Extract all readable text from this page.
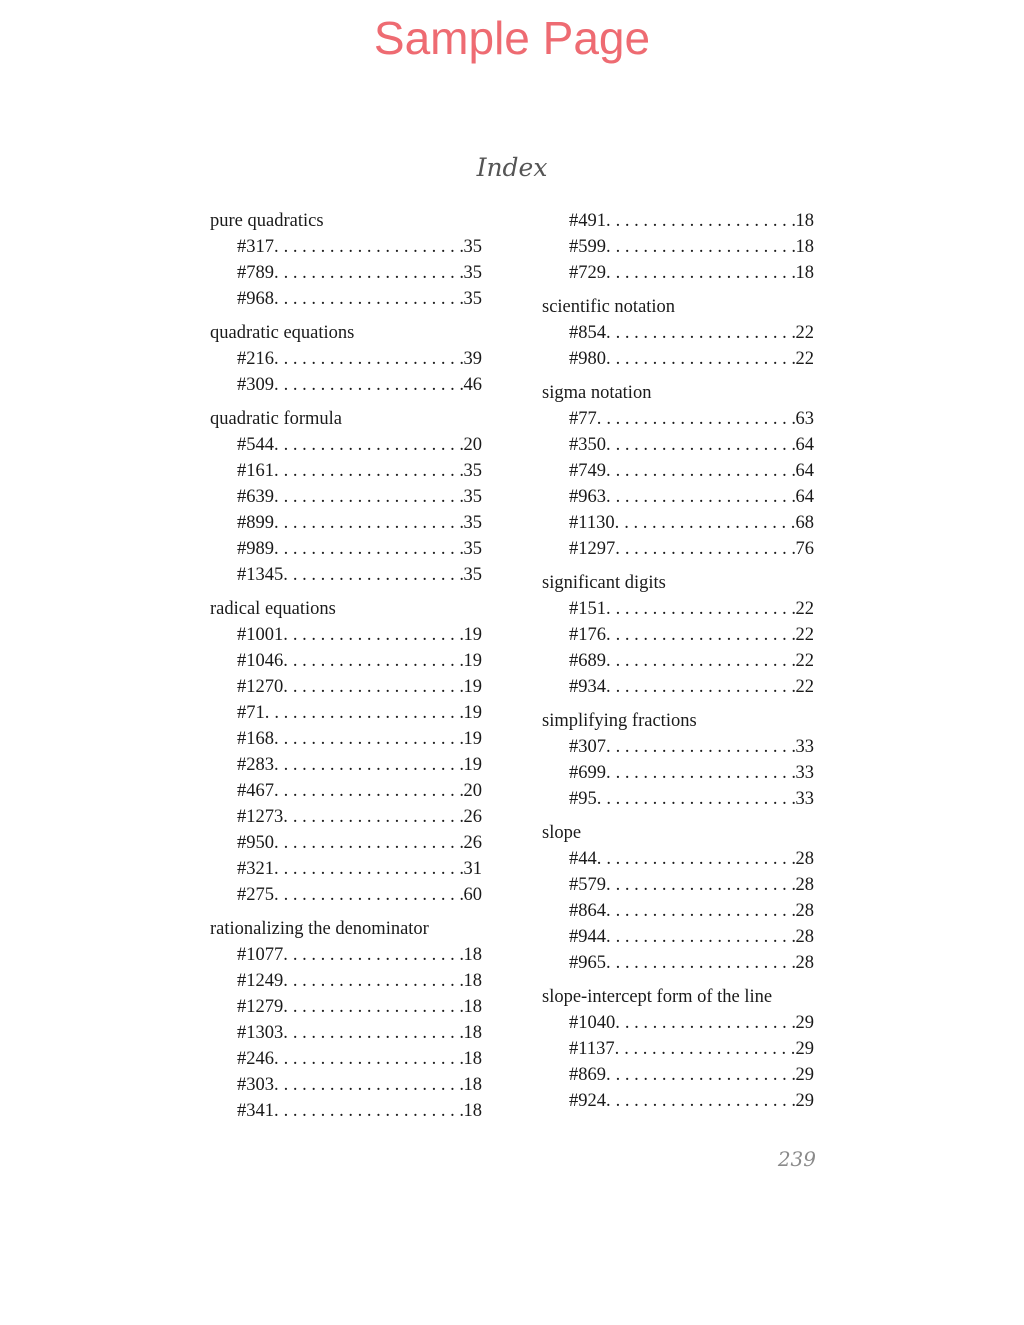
Sample Page
Index
pure quadratics
#317. . . .	35
#789. . . .	35
#968. . . .	35
quadratic equations
#216. . . .	39
#309. . . .	46
quadratic formula
#544. . . .	20
#161. . . .	35
#639. . . .	35
#899. . . .	35
#989. . . .	35
#1345. . . .	35
radical equations
#1001. . . .	19
#1046. . . .	19
#1270. . . .	19
#71. . . .	19
#168. . . .	19
#283. . . .	19
#467. . . .	20
#1273. . . .	26
#950. . . .	26
#321. . . .	31
#275. . . .	60
rationalizing the denominator
#1077. . . .	18
#1249. . . .	18
#1279. . . .	18
#1303. . . .	18
#246. . . .	18
#303. . . .	18
#341. . . .	18
#491. . . .	18
#599. . . .	18
#729. . . .	18
scientific notation
#854. . . .	22
#980. . . .	22
sigma notation
#77. . . .	63
#350. . . .	64
#749. . . .	64
#963. . . .	64
#1130. . . .	68
#1297. . . .	76
significant digits
#151. . . .	22
#176. . . .	22
#689. . . .	22
#934. . . .	22
simplifying fractions
#307. . . .	33
#699. . . .	33
#95. . . .	33
slope
#44. . . .	28
#579. . . .	28
#864. . . .	28
#944. . . .	28
#965. . . .	28
slope-intercept form of the line
#1040. . . .	29
#1137. . . .	29
#869. . . .	29
#924. . . .	29
239
